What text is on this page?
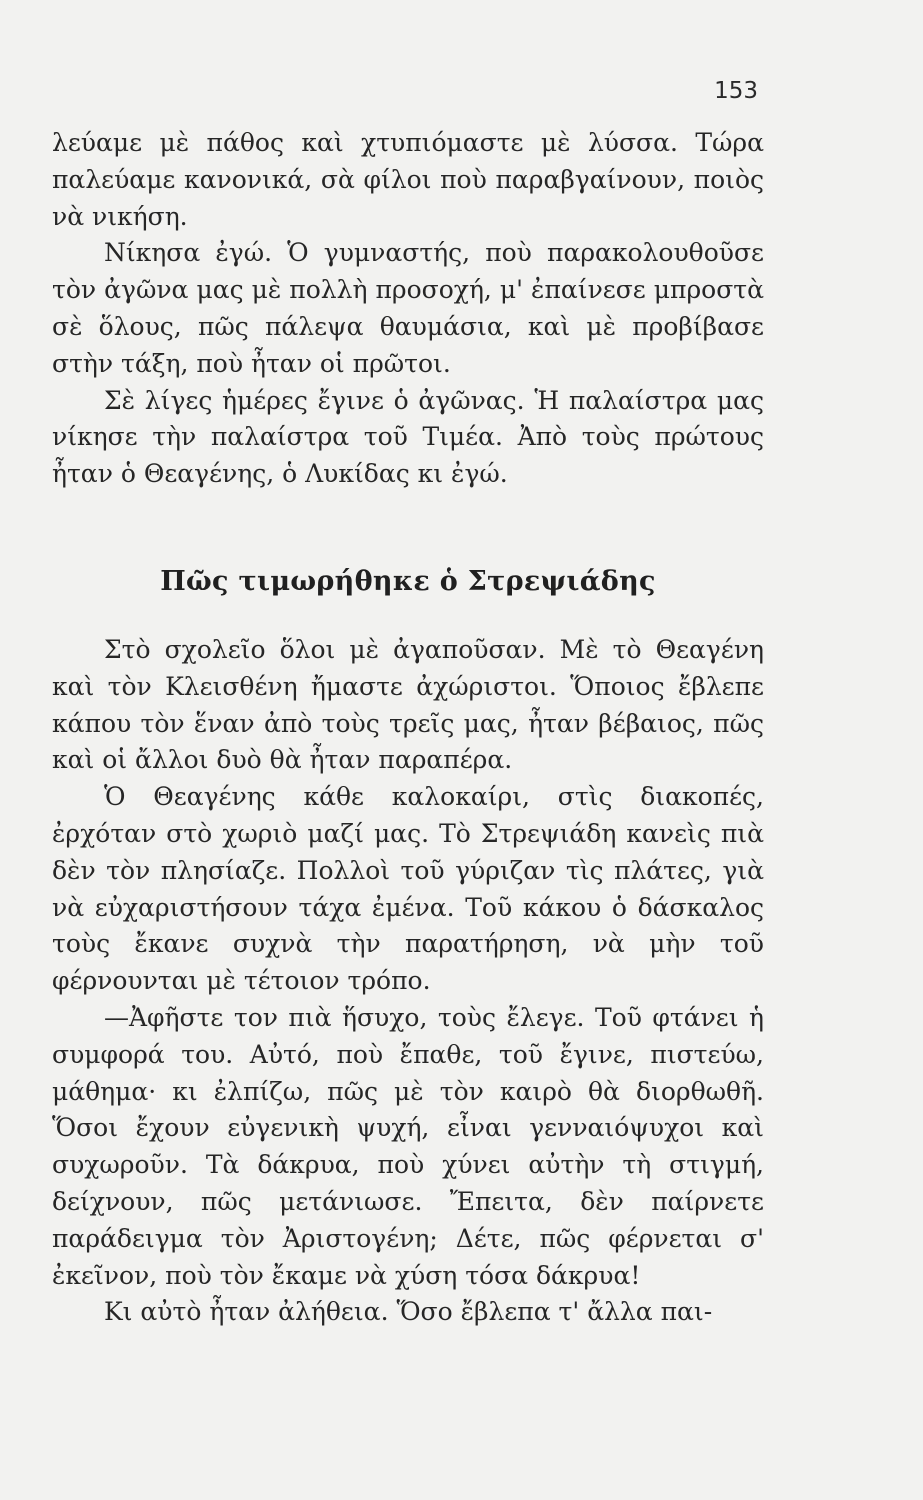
153

λεύαμε μὲ πάθος καὶ χτυπιόμαστε μὲ λύσσα. Τώρα παλεύαμε κανονικά, σὰ φίλοι ποὺ παραβγαίνουν, ποιὸς νὰ νικήση.

Νίκησα ἐγώ. Ὁ γυμναστής, ποὺ παρακολουθοῦσε τὸν ἀγῶνα μας μὲ πολλὴ προσοχή, μ' ἐπαίνεσε μπροστὰ σὲ ὅλους, πῶς πάλεψα θαυμάσια, καὶ μὲ προβίβασε στὴν τάξη, ποὺ ἦταν οἱ πρῶτοι.

Σὲ λίγες ἡμέρες ἔγινε ὁ ἀγῶνας. Ἡ παλαίστρα μας νίκησε τὴν παλαίστρα τοῦ Τιμέα. Ἀπὸ τοὺς πρώτους ἦταν ὁ Θεαγένης, ὁ Λυκίδας κι ἐγώ.

Πῶς τιμωρήθηκε ὁ Στρεψιάδης

Στὸ σχολεῖο ὅλοι μὲ ἀγαποῦσαν. Μὲ τὸ Θεαγένη καὶ τὸν Κλεισθένη ἤμαστε ἀχώριστοι. Ὅποιος ἔβλεπε κάπου τὸν ἕναν ἀπὸ τοὺς τρεῖς μας, ἦταν βέβαιος, πῶς καὶ οἱ ἄλλοι δυὸ θὰ ἦταν παραπέρα.

Ὁ Θεαγένης κάθε καλοκαίρι, στὶς διακοπές, ἐρχόταν στὸ χωριὸ μαζί μας. Τὸ Στρεψιάδη κανεὶς πιὰ δὲν τὸν πλησίαζε. Πολλοὶ τοῦ γύριζαν τὶς πλάτες, γιὰ νὰ εὐχαριστήσουν τάχα ἐμένα. Τοῦ κάκου ὁ δάσκαλος τοὺς ἔκανε συχνὰ τὴν παρατήρηση, νὰ μὴν τοῦ φέρνουνται μὲ τέτοιον τρόπο.

—Ἀφῆστε τον πιὰ ἥσυχο, τοὺς ἔλεγε. Τοῦ φτάνει ἡ συμφορά του. Αὐτό, ποὺ ἔπαθε, τοῦ ἔγινε, πιστεύω, μάθημα· κι ἐλπίζω, πῶς μὲ τὸν καιρὸ θὰ διορθωθῆ. Ὅσοι ἔχουν εὐγενικὴ ψυχή, εἶναι γενναιόψυχοι καὶ συχωροῦν. Τὰ δάκρυα, ποὺ χύνει αὐτὴν τὴ στιγμή, δείχνουν, πῶς μετάνιωσε. Ἔπειτα, δὲν παίρνετε παράδειγμα τὸν Ἀριστογένη; Δέτε, πῶς φέρνεται σ' ἐκεῖνον, ποὺ τὸν ἔκαμε νὰ χύση τόσα δάκρυα!

Κι αὐτὸ ἦταν ἀλήθεια. Ὅσο ἔβλεπα τ' ἄλλα παι-
